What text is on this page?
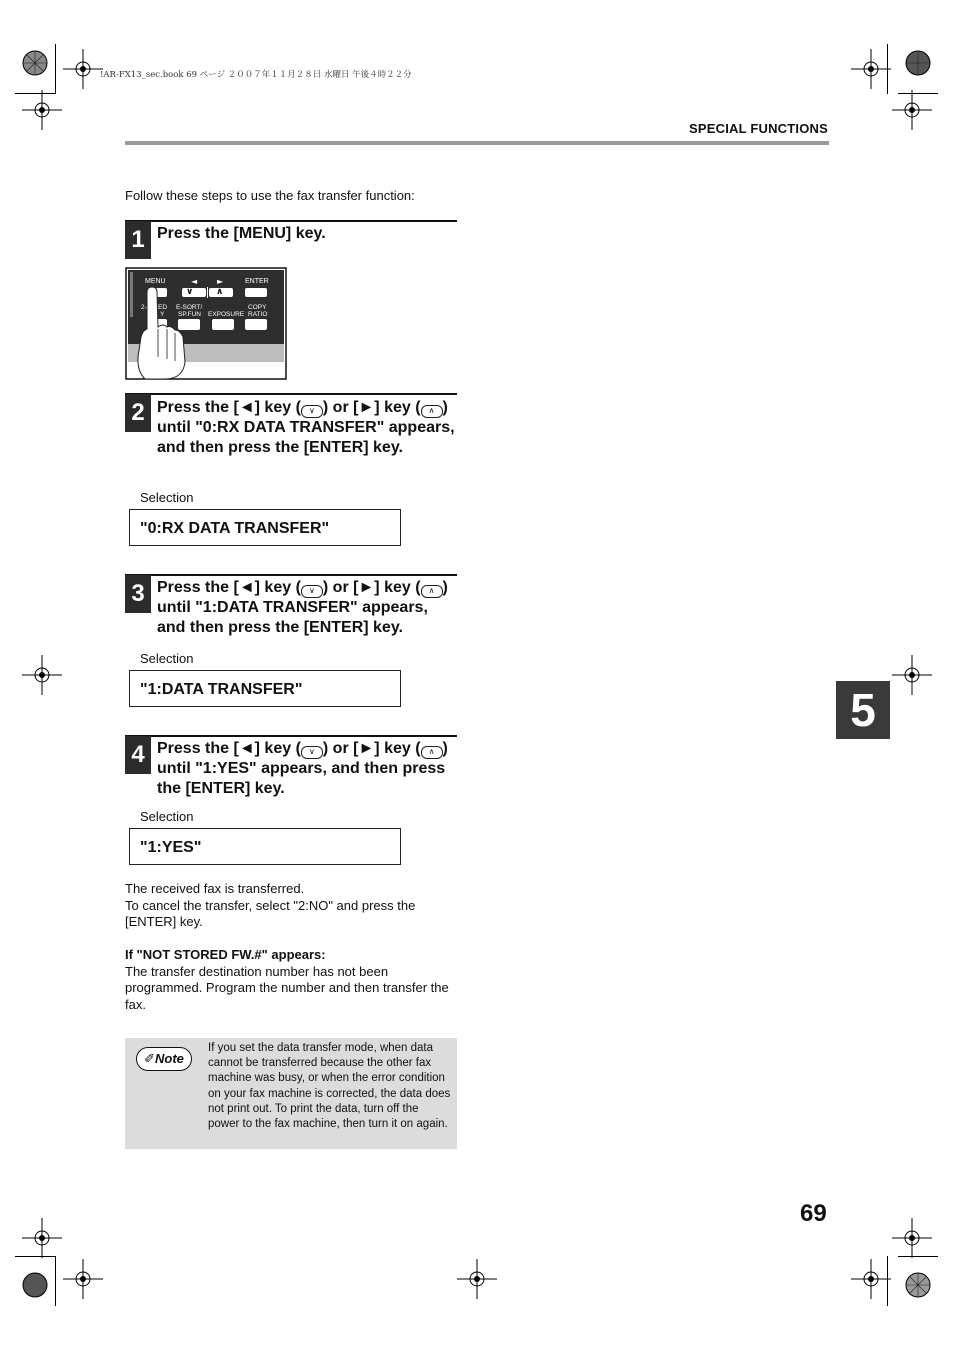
!AR-FX13_sec.book 69 ページ ２００７年１１月２８日 水曜日 午後４時２２分
SPECIAL FUNCTIONS
Follow these steps to use the fax transfer function:
1 Press the [MENU] key.
◄ ►
MENU	ENTER
∨	∧
2- ED
Y
E-SORT/
SP.FUN EXPOSURE
COPY
RATIO
2 Press the [◄] key ( ∨ ) or [►] key ( ∧ )
until "0:RX DATA TRANSFER" appears, and then press the [ENTER] key.
Selection
"0:RX DATA TRANSFER"
3 Press the [◄] key ( ∨ ) or [►] key ( ∧ )
until "1:DATA TRANSFER" appears, and then press the [ENTER] key.
Selection
"1:DATA TRANSFER"
4 Press the [◄] key ( ∨ ) or [►] key ( ∧ )
until "1:YES" appears, and then press the [ENTER] key.
Selection
"1:YES"
The received fax is transferred.
To cancel the transfer, select "2:NO" and press the [ENTER] key.
If "NOT STORED FW.#" appears:
The transfer destination number has not been programmed. Program the number and then transfer the fax.
✐Note
If you set the data transfer mode, when data cannot be transferred because the other fax machine was busy, or when the error condition on your fax machine is corrected, the data does not print out. To print the data, turn off the power to the fax machine, then turn it on again.
5
69
